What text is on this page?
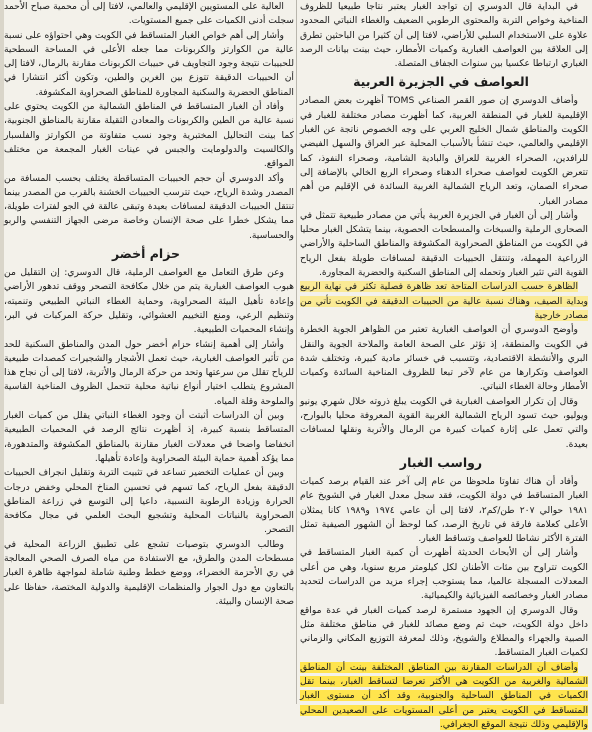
في البداية قال الدوسري إن تواجد الغبار يعتبر نتاجا طبيعيا للظروف المناخية وخواص التربة والمحتوى الرطوبي الضعيف والغطاء النباتي المحدود علاوة على الاستخدام السلبي للأراضي، لافتا إلى أن كثيرا من الباحثين تطرق إلى العلاقة بين العواصف الغبارية وكميات الأمطار، حيث بينت بيانات الرصد الغباري ارتباطا عكسيا بين سنوات الجفاف المتصلة.

العواصف في الجزيرة العربية

وأضاف الدوسري إن صور القمر الصناعي TOMS أظهرت بعض المصادر الإقليمية للغبار في المنطقة العربية، كما أظهرت مصادر مختلفة للغبار في الكويت والمناطق شمال الخليج العربي على وجه الخصوص ناتجة عن الغبار الإقليمي والعالمي، حيث تنشأ بالأسباب المحلية عبر العراق والسهل الفيضي للرافدين، الصحراء الغربية للعراق والبادية الشامية، وصحراء النفوذ، كما تتعرض الكويت لعواصف صحراء الدهناء وصحراء الربع الخالي بالإضافة إلى صحراء الصمان، وتعد الرياح الشمالية الغربية السائدة في الإقليم من أهم مصادر الغبار.

وأشار إلى أن الغبار في الجزيرة العربية يأتي من مصادر طبيعية تتمثل في الصحارى الرملية والسبخات والمسطحات الحصوية، بينما يتشكل الغبار محليا في الكويت من المناطق الصحراوية المكشوفة والمناطق الساحلية والأراضي الزراعية المهملة، وتنتقل الحبيبات الدقيقة لمسافات طويلة بفعل الرياح القوية التي تثير الغبار وتحمله إلى المناطق السكنية والحضرية المجاورة.

الظاهرة حسب الدراسات المتاحة تعد ظاهرة فصلية تكثر في نهاية الربيع وبداية الصيف، وهناك نسبة عالية من الحبيبات الدقيقة في الكويت تأتي من مصادر خارجية

وأوضح الدوسري أن العواصف الغبارية تعتبر من الظواهر الجوية الخطرة في الكويت والمنطقة، إذ تؤثر على الصحة العامة والملاحة الجوية والنقل البري والأنشطة الاقتصادية، وتتسبب في خسائر مادية كبيرة، وتختلف شدة العواصف وتكرارها من عام لآخر تبعا للظروف المناخية السائدة وكميات الأمطار وحالة الغطاء النباتي.

وقال إن تكرار العواصف الغبارية في الكويت يبلغ ذروته خلال شهري يونيو ويوليو، حيث تسود الرياح الشمالية الغربية القوية المعروفة محليا بالبوارح، والتي تعمل على إثارة كميات كبيرة من الرمال والأتربة ونقلها لمسافات بعيدة.

رواسب الغبار

وأفاد أن هناك تفاوتا ملحوظا من عام إلى آخر عند القيام برصد كميات الغبار المتساقط في دولة الكويت، فقد سجل معدل الغبار في الشويخ عام ١٩٨١ حوالي ٢٠٧ طن/كم٢، لافتا إلى أن عامي ١٩٧٤ و١٩٨٩ كانا يمثلان الأعلى كعلامة فارقة في تاريخ الرصد، كما لوحظ أن الشهور الصيفية تمثل الفترة الأكثر نشاطا للعواصف وتساقط الغبار.

وأشار إلى أن الأبحاث الحديثة أظهرت أن كمية الغبار المتساقط في الكويت تتراوح بين مئات الأطنان لكل كيلومتر مربع سنويا، وهي من أعلى المعدلات المسجلة عالميا، مما يستوجب إجراء مزيد من الدراسات لتحديد مصادر الغبار وخصائصه الفيزيائية والكيميائية.

وقال الدوسري إن الجهود مستمرة لرصد كميات الغبار في عدة مواقع داخل دولة الكويت، حيث تم وضع مصائد للغبار في مناطق مختلفة مثل الصبية والجهراء والمطلاع والشويخ، وذلك لمعرفة التوزيع المكاني والزماني لكميات الغبار المتساقط.

وأضاف أن الدراسات المقارنة بين المناطق المختلفة بينت أن المناطق الشمالية والغربية من الكويت هي الأكثر تعرضا لتساقط الغبار، بينما تقل الكميات في المناطق الساحلية والجنوبية، وقد أكد أن مستوى الغبار المتساقط في الكويت يعتبر من أعلى المستويات على الصعيدين المحلي والإقليمي وذلك نتيجة الموقع الجغرافي.

العالية على المستويين الإقليمي والعالمي، لافتا إلى أن محمية صباح الأحمد سجلت أدنى الكميات على جميع المستويات.

وأشار إلى أهم خواص الغبار المتساقط في الكويت وهي احتواؤه على نسبة عالية من الكوارتز والكربونات مما جعله الأعلى في المساحة السطحية للحبيبات نتيجة وجود التجاويف في حبيبات الكربونات مقارنة بالرمال، لافتا إلى أن الحبيبات الدقيقة تتوزع بين الغرين والطين، وتكون أكثر انتشارا في المناطق الحضرية والسكنية المجاورة للمناطق الصحراوية المكشوفة.

وأفاد أن الغبار المتساقط في المناطق الشمالية من الكويت يحتوي على نسبة عالية من الطين والكربونات والمعادن الثقيلة مقارنة بالمناطق الجنوبية، كما بينت التحاليل المختبرية وجود نسب متفاوتة من الكوارتز والفلسبار والكالسيت والدولومايت والجبس في عينات الغبار المجمعة من مختلف المواقع.

وأكد الدوسري أن حجم الحبيبات المتساقطة يختلف بحسب المسافة من المصدر وشدة الرياح، حيث تترسب الحبيبات الخشنة بالقرب من المصدر بينما تنتقل الحبيبات الدقيقة لمسافات بعيدة وتبقى عالقة في الجو لفترات طويلة، مما يشكل خطرا على صحة الإنسان وخاصة مرضى الجهاز التنفسي والربو والحساسية.

حزام أخضر

وعن طرق التعامل مع العواصف الرملية، قال الدوسري: إن التقليل من هبوب العواصف الغبارية يتم من خلال مكافحة التصحر ووقف تدهور الأراضي وإعادة تأهيل البيئة الصحراوية، وحماية الغطاء النباتي الطبيعي وتنميته، وتنظيم الرعي، ومنع التخييم العشوائي، وتقليل حركة المركبات في البر، وإنشاء المحميات الطبيعية.

وأشار إلى أهمية إنشاء حزام أخضر حول المدن والمناطق السكنية للحد من تأثير العواصف الغبارية، حيث تعمل الأشجار والشجيرات كمصدات طبيعية للرياح تقلل من سرعتها وتحد من حركة الرمال والأتربة، لافتا إلى أن نجاح هذا المشروع يتطلب اختيار أنواع نباتية محلية تتحمل الظروف المناخية القاسية والملوحة وقلة المياه.

وبين أن الدراسات أثبتت أن وجود الغطاء النباتي يقلل من كميات الغبار المتساقط بنسبة كبيرة، إذ أظهرت نتائج الرصد في المحميات الطبيعية انخفاضا واضحا في معدلات الغبار مقارنة بالمناطق المكشوفة والمتدهورة، مما يؤكد أهمية حماية البيئة الصحراوية وإعادة تأهيلها.

وبين أن عمليات التخضير تساعد في تثبيت التربة وتقليل انجراف الحبيبات الدقيقة بفعل الرياح، كما تسهم في تحسين المناخ المحلي وخفض درجات الحرارة وزيادة الرطوبة النسبية، داعيا إلى التوسع في زراعة المناطق الصحراوية بالنباتات المحلية وتشجيع البحث العلمي في مجال مكافحة التصحر.

وطالب الدوسري بتوصيات تشجع على تطبيق الزراعة المحلية في مسطحات المدن والطرق، مع الاستفادة من مياه الصرف الصحي المعالجة في ري الأحزمة الخضراء، ووضع خطط وطنية شاملة لمواجهة ظاهرة الغبار بالتعاون مع دول الجوار والمنظمات الإقليمية والدولية المختصة، حفاظا على صحة الإنسان والبيئة.
